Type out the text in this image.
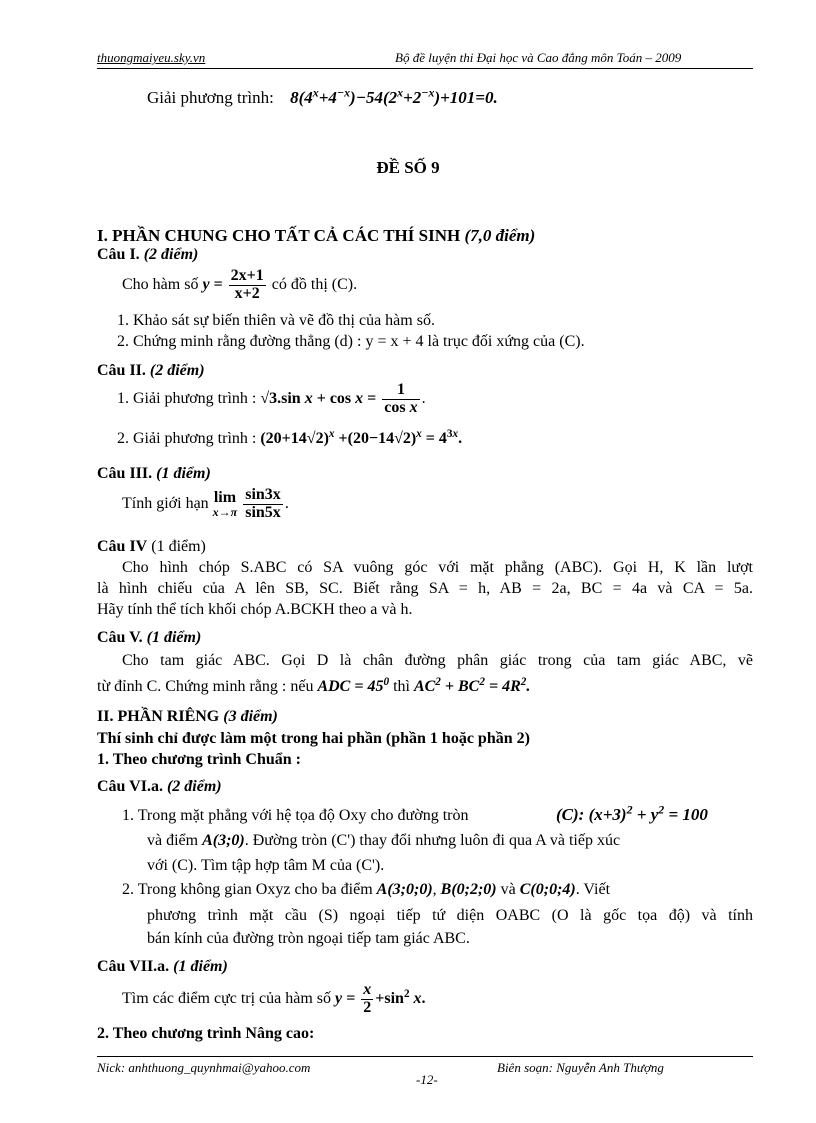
thuongmaiyeu.sky.vn	Bộ đề luyện thi Đại học và Cao đẳng môn Toán – 2009
Giải phương trình: $8(4^x+4^{-x})-54(2^x+2^{-x})+101=0$.
ĐỀ SỐ 9
I. PHẦN CHUNG CHO TẤT CẢ CÁC THÍ SINH (7,0 điểm)
Câu I. (2 điểm)
Cho hàm số $y = \frac{2x+1}{x+2}$ có đồ thị (C).
1. Khảo sát sự biến thiên và vẽ đồ thị của hàm số.
2. Chứng minh rằng đường thẳng (d) : y = x + 4 là trục đối xứng của (C).
Câu II. (2 điểm)
1. Giải phương trình : √3.sin $x + \cos x = \frac{1}{\text{cos x}}$ .
2. Giải phương trình : $(20+14√2)^x +(20-14√2)^x = 4^{3x}$.
Câu III. (1 điểm)
Tính giới hạn lim
x→π
$\frac{\sin 3x}{\sin 5x}$ .
Câu IV (1 điểm)
Cho hình chóp S.ABC có SA vuông góc với mặt phẳng (ABC). Gọi H, K lần lượt
là hình chiếu của A lên SB, SC. Biết rằng SA = h, AB = 2a, BC = 4a và CA = 5a.
Hãy tính thể tích khối chóp A.BCKH theo a và h.
Câu V. (1 điểm)
Cho tam giác ABC. Gọi D là chân đường phân giác trong của tam giác ABC, vẽ
từ đỉnh C. Chứng minh rằng : nếu ADC = $45^0$ thì $AC^2 + BC^2 = 4R^2$.
II. PHẦN RIÊNG (3 điểm)
Thí sinh chỉ được làm một trong hai phần (phần 1 hoặc phần 2)
1. Theo chương trình Chuẩn :
Câu VI.a. (2 điểm)
1. Trong mặt phẳng với hệ tọa độ Oxy cho đường tròn	(C): $(x+3)^2 + y^2 = 100$
và điểm A(3;0). Đường tròn (C') thay đổi nhưng luôn đi qua A và tiếp xúc
với (C). Tìm tập hợp tâm M của (C').
2. Trong không gian Oxyz cho ba điểm A(3;0;0), B(0;2;0) và C(0;0;4). Viết
phương trình mặt cầu (S) ngoại tiếp tứ diện OABC (O là gốc tọa độ) và tính
bán kính của đường tròn ngoại tiếp tam giác ABC.
Câu VII.a. (1 điểm)
Tìm các điểm cực trị của hàm số $y = \frac{x}{2} +\sin^2$ x.
2. Theo chương trình Nâng cao:
Nick: anhthuong_quynhmai@yahoo.com
-12-
Biên soạn: Nguyễn Anh Thượng
